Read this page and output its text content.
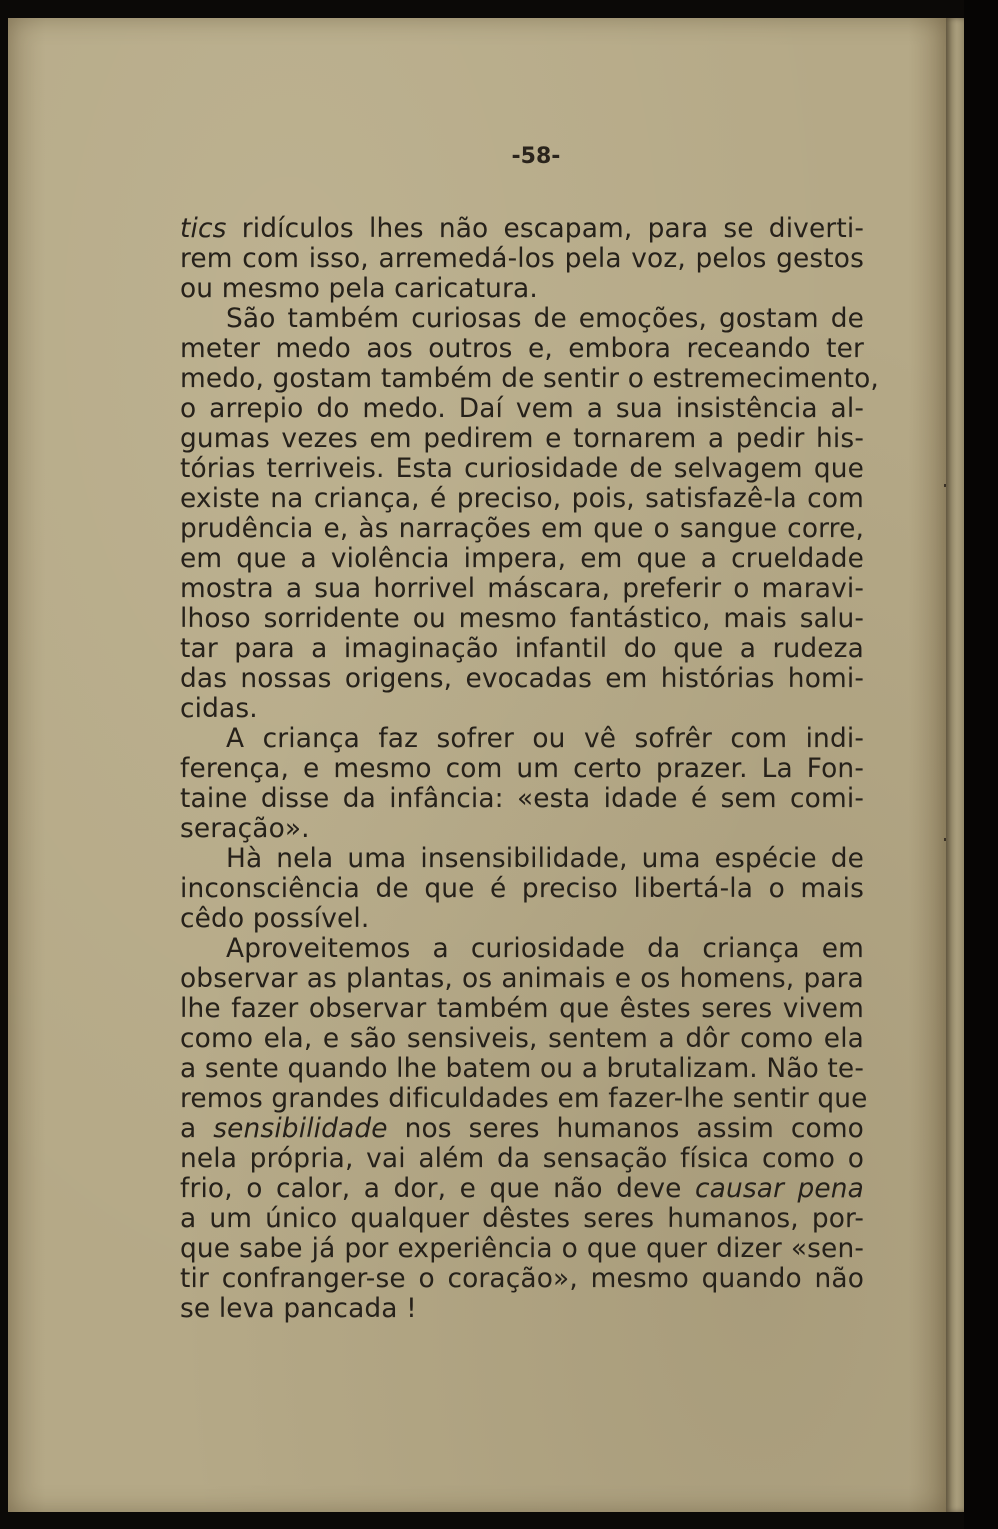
-58-
tics ridículos lhes não escapam, para se diverti-
rem com isso, arremedá-los pela voz, pelos gestos
ou mesmo pela caricatura.
São também curiosas de emoções, gostam de
meter medo aos outros e, embora receando ter
medo, gostam também de sentir o estremecimento,
o arrepio do medo. Daí vem a sua insistência al-
gumas vezes em pedirem e tornarem a pedir his-
tórias terriveis. Esta curiosidade de selvagem que
existe na criança, é preciso, pois, satisfazê-la com
prudência e, às narrações em que o sangue corre,
em que a violência impera, em que a crueldade
mostra a sua horrivel máscara, preferir o maravi-
lhoso sorridente ou mesmo fantástico, mais salu-
tar para a imaginação infantil do que a rudeza
das nossas origens, evocadas em histórias homi-
cidas.
A criança faz sofrer ou vê sofrêr com indi-
ferença, e mesmo com um certo prazer. La Fon-
taine disse da infância: «esta idade é sem comi-
seração».
Hà nela uma insensibilidade, uma espécie de
inconsciência de que é preciso libertá-la o mais
cêdo possível.
Aproveitemos a curiosidade da criança em
observar as plantas, os animais e os homens, para
lhe fazer observar também que êstes seres vivem
como ela, e são sensiveis, sentem a dôr como ela
a sente quando lhe batem ou a brutalizam. Não te-
remos grandes dificuldades em fazer-lhe sentir que
a sensibilidade nos seres humanos assim como
nela própria, vai além da sensação física como o
frio, o calor, a dor, e que não deve causar pena
a um único qualquer dêstes seres humanos, por-
que sabe já por experiência o que quer dizer «sen-
tir confranger-se o coração», mesmo quando não
se leva pancada !
